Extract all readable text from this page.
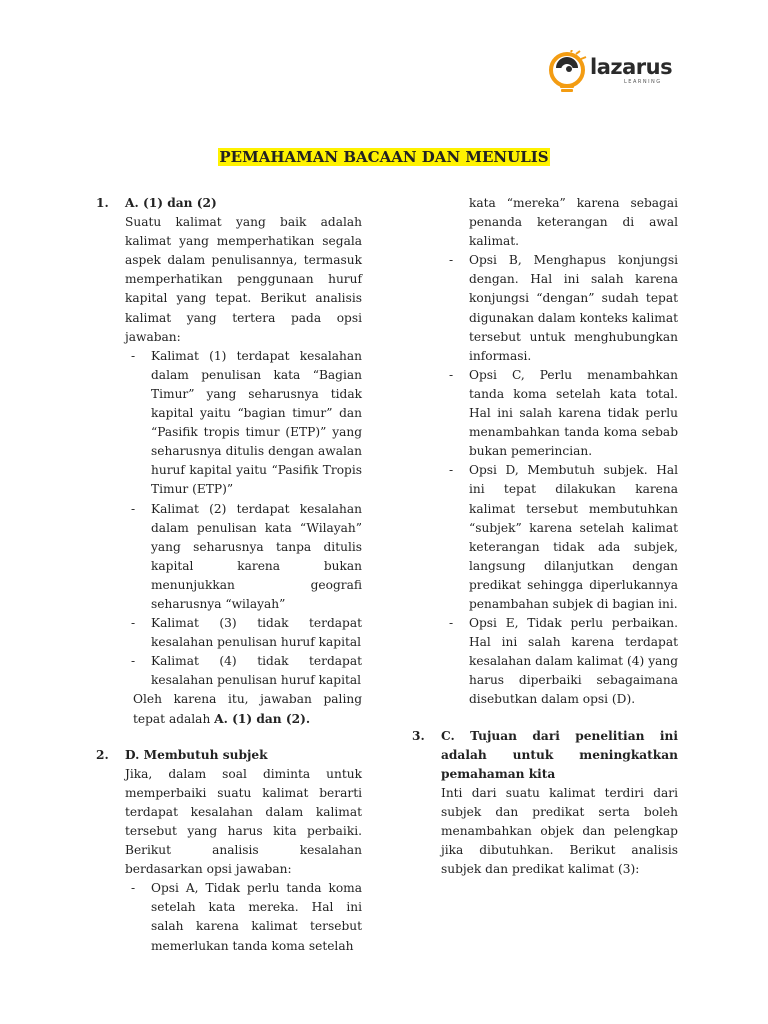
lazarus
LEARNING
PEMAHAMAN BACAAN DAN MENULIS
1. A. (1) dan (2)

Suatu kalimat yang baik adalah kalimat yang memperhatikan segala aspek dalam penulisannya, termasuk memperhatikan penggunaan huruf kapital yang tepat. Berikut analisis kalimat yang tertera pada opsi jawaban:

- Kalimat (1) terdapat kesalahan dalam penulisan kata “Bagian Timur” yang seharusnya tidak kapital yaitu “bagian timur” dan “Pasifik tropis timur (ETP)” yang seharusnya ditulis dengan awalan huruf kapital yaitu “Pasifik Tropis Timur (ETP)”
- Kalimat (2) terdapat kesalahan dalam penulisan kata “Wilayah” yang seharusnya tanpa ditulis kapital karena bukan menunjukkan geografi seharusnya “wilayah”
- Kalimat (3) tidak terdapat kesalahan penulisan huruf kapital
- Kalimat (4) tidak terdapat kesalahan penulisan huruf kapital

Oleh karena itu, jawaban paling tepat adalah A. (1) dan (2).

2. D. Membutuh subjek

Jika, dalam soal diminta untuk memperbaiki suatu kalimat berarti terdapat kesalahan dalam kalimat tersebut yang harus kita perbaiki. Berikut analisis kesalahan berdasarkan opsi jawaban:

- Opsi A, Tidak perlu tanda koma setelah kata mereka. Hal ini salah karena kalimat tersebut memerlukan tanda koma setelah

kata “mereka” karena sebagai penanda keterangan di awal kalimat.

- Opsi B, Menghapus konjungsi dengan. Hal ini salah karena konjungsi “dengan” sudah tepat digunakan dalam konteks kalimat tersebut untuk menghubungkan informasi.
- Opsi C, Perlu menambahkan tanda koma setelah kata total. Hal ini salah karena tidak perlu menambahkan tanda koma sebab bukan pemerincian.
- Opsi D, Membutuh subjek. Hal ini tepat dilakukan karena kalimat tersebut membutuhkan “subjek” karena setelah kalimat keterangan tidak ada subjek, langsung dilanjutkan dengan predikat sehingga diperlukannya penambahan subjek di bagian ini.
- Opsi E, Tidak perlu perbaikan. Hal ini salah karena terdapat kesalahan dalam kalimat (4) yang harus diperbaiki sebagaimana disebutkan dalam opsi (D).
3. C. Tujuan dari penelitian ini adalah untuk meningkatkan pemahaman kita

Inti dari suatu kalimat terdiri dari subjek dan predikat serta boleh menambahkan objek dan pelengkap jika dibutuhkan. Berikut analisis subjek dan predikat kalimat (3):
